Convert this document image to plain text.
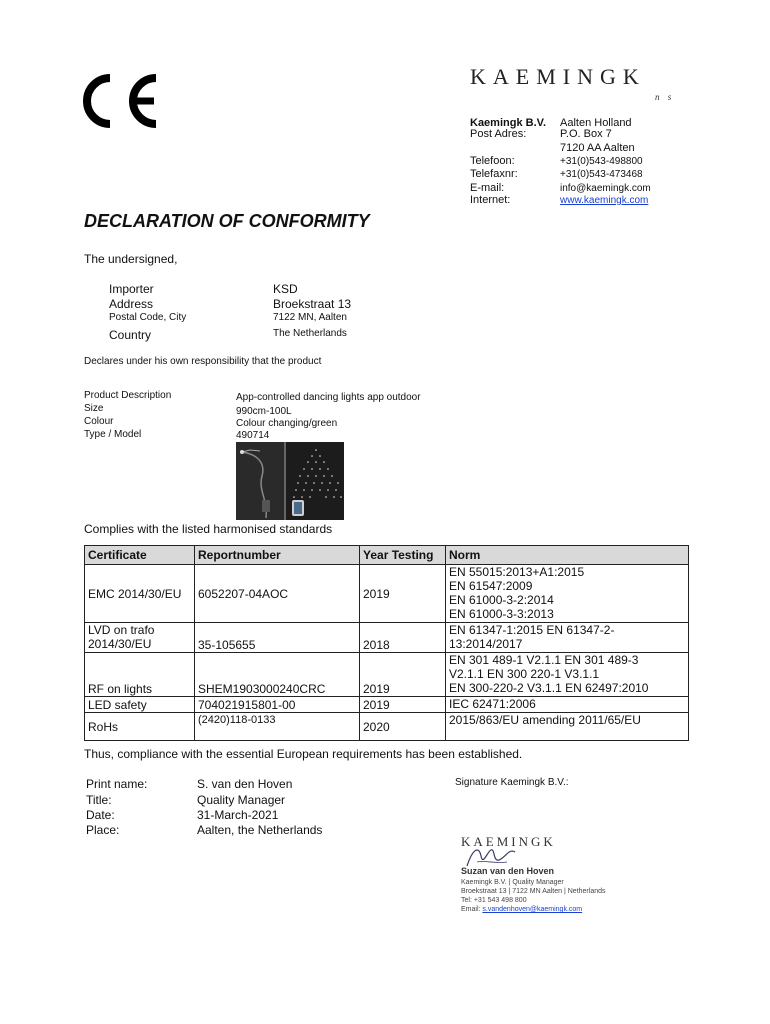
KAEMINGK
n s
Kaemingk B.V. Aalten Holland
Post Adres:	P.O. Box 7
7120 AA Aalten
Telefoon:	+31(0)543-498800
Telefaxnr:	+31(0)543-473468
E-mail:	info@kaemingk.com
Internet:	www.kaemingk.com
DECLARATION OF CONFORMITY
The undersigned,
Importer	KSD
Address	Broekstraat 13
Postal Code, City	7122 MN, Aalten
Country	The Netherlands
Declares under his own responsibility that the product
Product Description	App-controlled dancing lights app outdoor
Size	990cm-100L
Colour	Colour changing/green
Type / Model	490714
Complies with the listed harmonised standards
Certificate	Reportnumber	Year Testing	Norm
EMC 2014/30/EU	6052207-04AOC	2019	EN 55015:2013+A1:2015
EN 61547:2009
EN 61000-3-2:2014
EN 61000-3-3:2013

LVD on trafo 2014/30/EU	35-105655	2018	EN 61347-1:2015 EN 61347-2-
13:2014/2017

RF on lights	SHEM1903000240CRC	2019	EN 301 489-1 V2.1.1 EN 301 489-3
V2.1.1 EN 300 220-1 V3.1.1
EN 300-220-2 V3.1.1 EN 62497:2010

LED safety	704021915801-00	2019	IEC 62471:2006
RoHs	(2420)118-0133	2020	2015/863/EU amending 2011/65/EU
Thus, compliance with the essential European requirements has been established.
Print name:	S. van den Hoven
Title:	Quality Manager
Date:	31-March-2021
Place:	Aalten, the Netherlands
Signature Kaemingk B.V.:
KAEMINGK
Suzan van den Hoven
Kaemingk B.V. | Quality Manager
Broekstraat 13 | 7122 MN Aalten | Netherlands
Tel: +31 543 498 800
Email: s.vandenhoven@kaemingk.com
